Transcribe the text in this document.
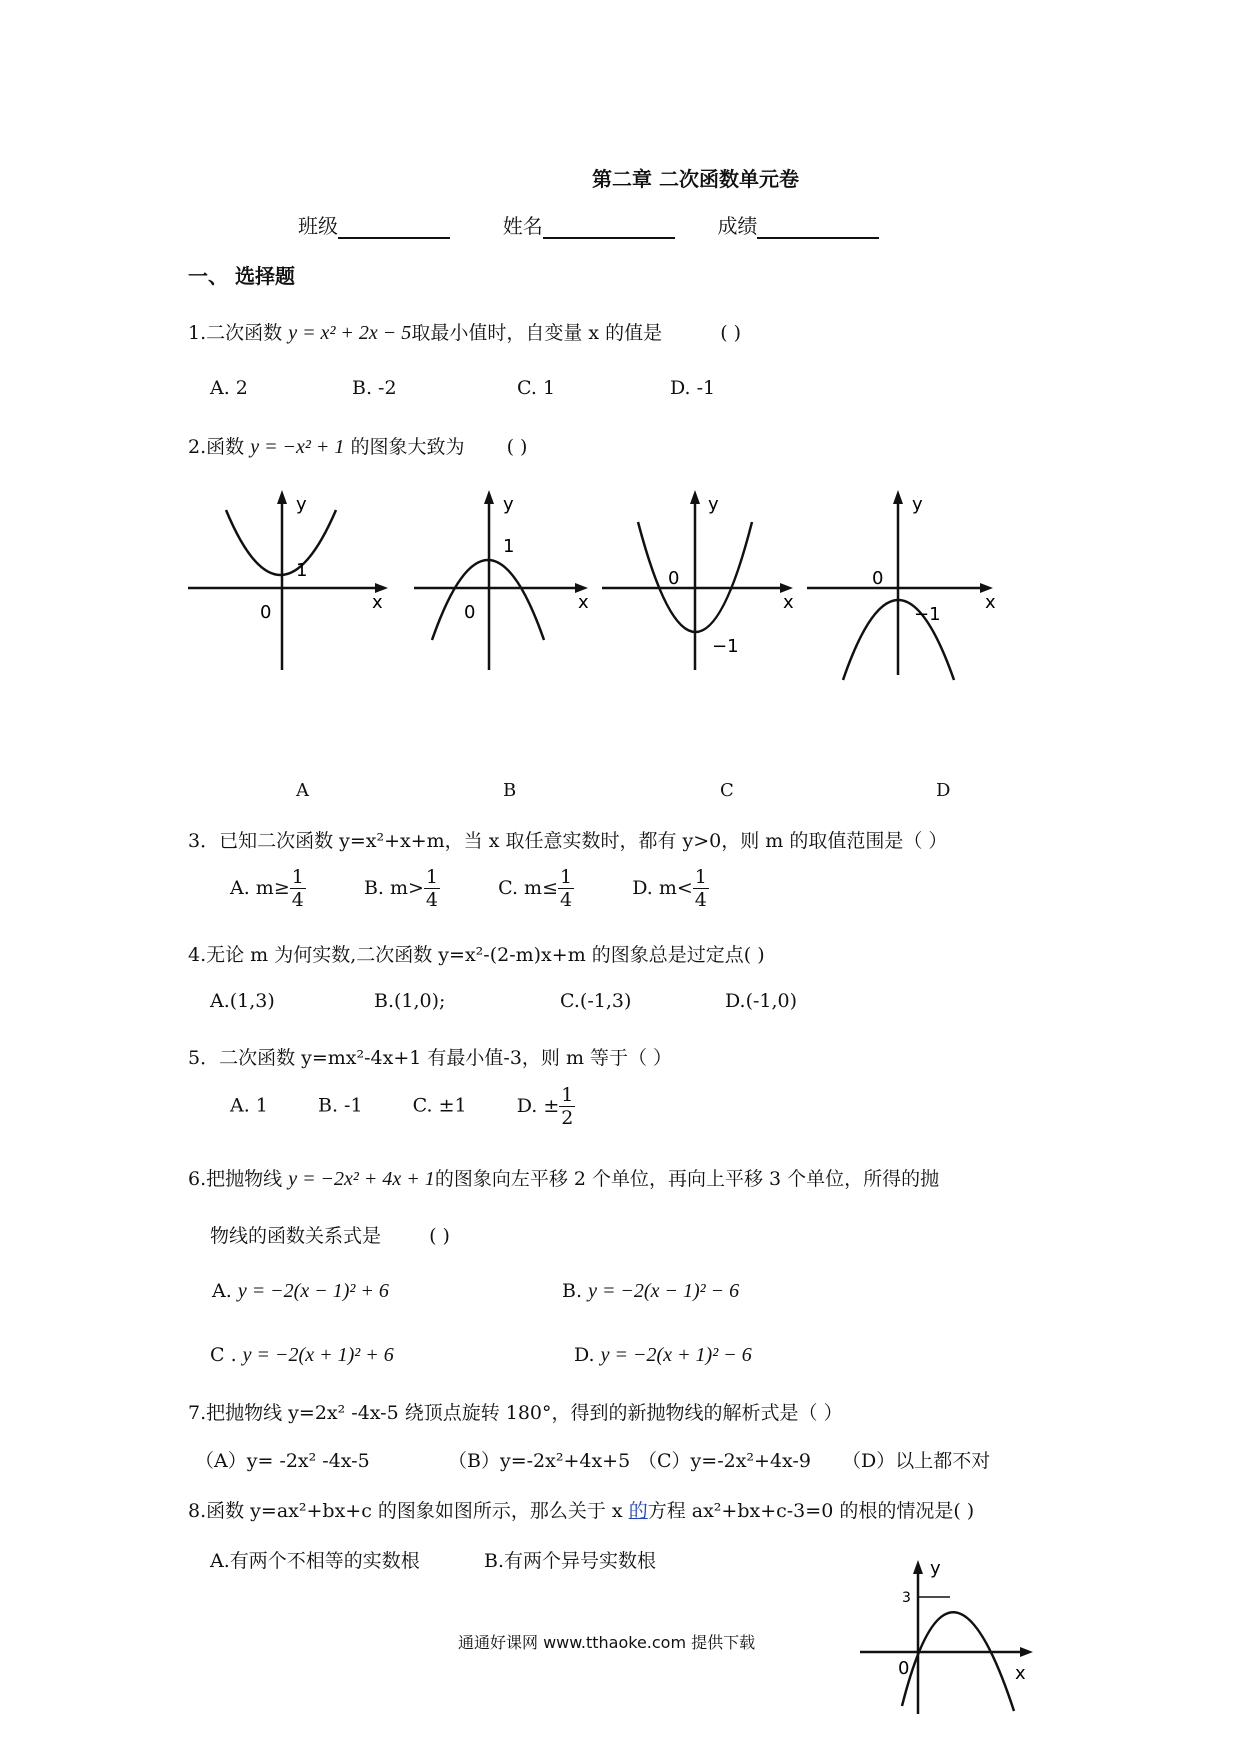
第二章 二次函数单元卷
班级	姓名	成绩
一、 选择题
1.二次函数 y = x² + 2x − 5取最小值时，自变量 x 的值是	( )
A. 2	B. -2	C. 1	D. -1
2.函数 y = −x² + 1 的图象大致为 ( )
y
x
1
0
y
x
1
0
y
x
0
−1
y
x
0
−1
A	B	C	D
3．已知二次函数 y=x²+x+m，当 x 取任意实数时，都有 y>0，则 m 的取值范围是（ ）
A. $m\ge \frac{1}{4}$	B. $m> \frac{1}{4}$	C. $m\le \frac{1}{4}$	D. $m< \frac{1}{4}$
4.无论 m 为何实数,二次函数 y=x²-(2-m)x+m 的图象总是过定点( )
A.(1,3)	B.(1,0);	C.(-1,3)	D.(-1,0)
5．二次函数 y=mx²-4x+1 有最小值-3，则 m 等于（ ）
A. 1	B. -1	C. ±1	D. ± $\frac{1}{2}$
6.把抛物线 y = −2x² + 4x + 1的图象向左平移 2 个单位，再向上平移 3 个单位，所得的抛
物线的函数关系式是	( )
A. y = −2(x − 1)² + 6	B. y = −2(x − 1)² − 6
C . y = −2(x + 1)² + 6	D. y = −2(x + 1)² − 6
7.把抛物线 y=2x² -4x-5 绕顶点旋转 180°，得到的新抛物线的解析式是（ ）
（A）y= -2x² -4x-5	（B）y=-2x²+4x+5 （C）y=-2x²+4x-9 （D）以上都不对
8.函数 y=ax²+bx+c 的图象如图所示，那么关于 x 的方程 ax²+bx+c-3=0 的根的情况是( )
A.有两个不相等的实数根	B.有两个异号实数根	y
x
3
0
通通好课网 www.tthaoke.com 提供下载
